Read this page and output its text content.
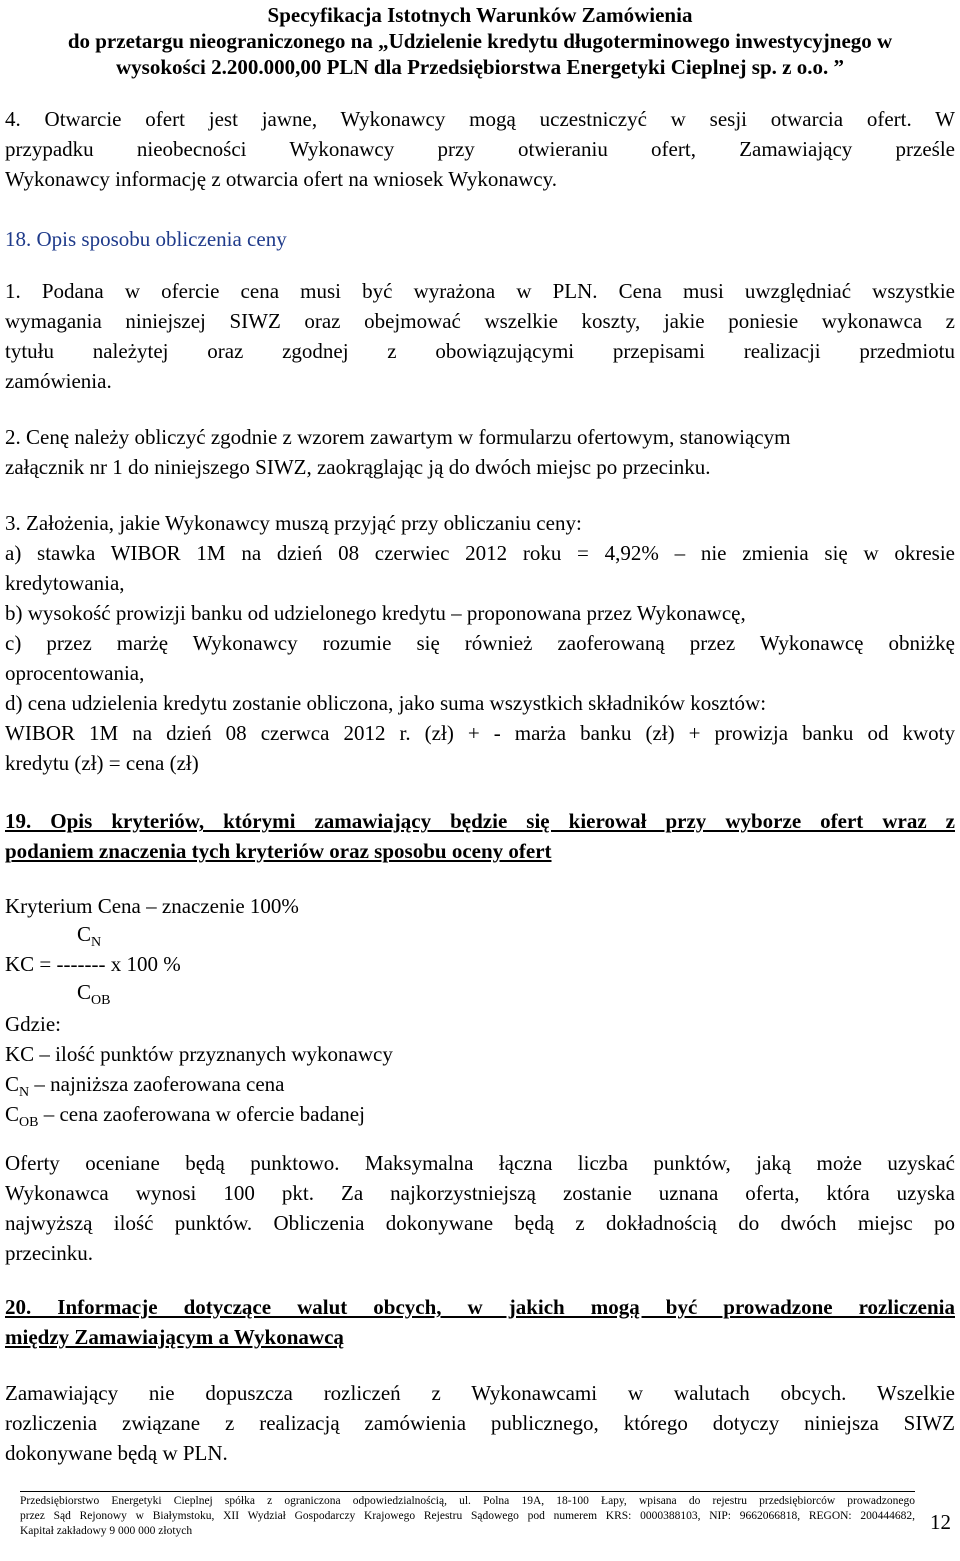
Specyfikacja Istotnych Warunków Zamówienia
do przetargu nieograniczonego na „Udzielenie kredytu długoterminowego inwestycyjnego w
wysokości 2.200.000,00 PLN dla Przedsiębiorstwa Energetyki Cieplnej sp. z o.o. ”
4. Otwarcie ofert jest jawne, Wykonawcy mogą uczestniczyć w sesji otwarcia ofert. W
przypadku nieobecności Wykonawcy przy otwieraniu ofert, Zamawiający prześle
Wykonawcy informację z otwarcia ofert na wniosek Wykonawcy.
18. Opis sposobu obliczenia ceny
1. Podana w ofercie cena musi być wyrażona w PLN. Cena musi uwzględniać wszystkie
wymagania niniejszej SIWZ oraz obejmować wszelkie koszty, jakie poniesie wykonawca z
tytułu należytej oraz zgodnej z obowiązującymi przepisami realizacji przedmiotu
zamówienia.
2. Cenę należy obliczyć zgodnie z wzorem zawartym w formularzu ofertowym, stanowiącym
załącznik nr 1 do niniejszego SIWZ, zaokrąglając ją do dwóch miejsc po przecinku.
3. Założenia, jakie Wykonawcy muszą przyjąć przy obliczaniu ceny:
a) stawka WIBOR 1M na dzień 08 czerwiec 2012 roku = 4,92% – nie zmienia się w okresie
kredytowania,
b) wysokość prowizji banku od udzielonego kredytu – proponowana przez Wykonawcę,
c) przez marżę Wykonawcy rozumie się również zaoferowaną przez Wykonawcę obniżkę
oprocentowania,
d) cena udzielenia kredytu zostanie obliczona, jako suma wszystkich składników kosztów:
WIBOR 1M na dzień 08 czerwca 2012 r. (zł) + - marża banku (zł) + prowizja banku od kwoty
kredytu (zł) = cena (zł)
19. Opis kryteriów, którymi zamawiający będzie się kierował przy wyborze ofert wraz z
podaniem znaczenia tych kryteriów oraz sposobu oceny ofert
Kryterium Cena – znaczenie 100%
$C_N$
KC = ------- x 100 %
$C_{OB}$
Gdzie:
KC – ilość punktów przyznanych wykonawcy
$C_N$ – najniższa zaoferowana cena
$C_{OB}$ – cena zaoferowana w ofercie badanej
Oferty oceniane będą punktowo. Maksymalna łączna liczba punktów, jaką może uzyskać
Wykonawca wynosi 100 pkt. Za najkorzystniejszą zostanie uznana oferta, która uzyska
najwyższą ilość punktów. Obliczenia dokonywane będą z dokładnością do dwóch miejsc po
przecinku.
20. Informacje dotyczące walut obcych, w jakich mogą być prowadzone rozliczenia
między Zamawiającym a Wykonawcą
Zamawiający nie dopuszcza rozliczeń z Wykonawcami w walutach obcych. Wszelkie
rozliczenia związane z realizacją zamówienia publicznego, którego dotyczy niniejsza SIWZ
dokonywane będą w PLN.
Przedsiębiorstwo Energetyki Cieplnej spółka z ograniczona odpowiedzialnością, ul. Polna 19A, 18-100 Łapy, wpisana do rejestru przedsiębiorców prowadzonego
przez Sąd Rejonowy w Białymstoku, XII Wydział Gospodarczy Krajowego Rejestru Sądowego pod numerem KRS: 0000388103, NIP: 9662066818, REGON: 200444682,
Kapitał zakładowy 9 000 000 złotych	12
